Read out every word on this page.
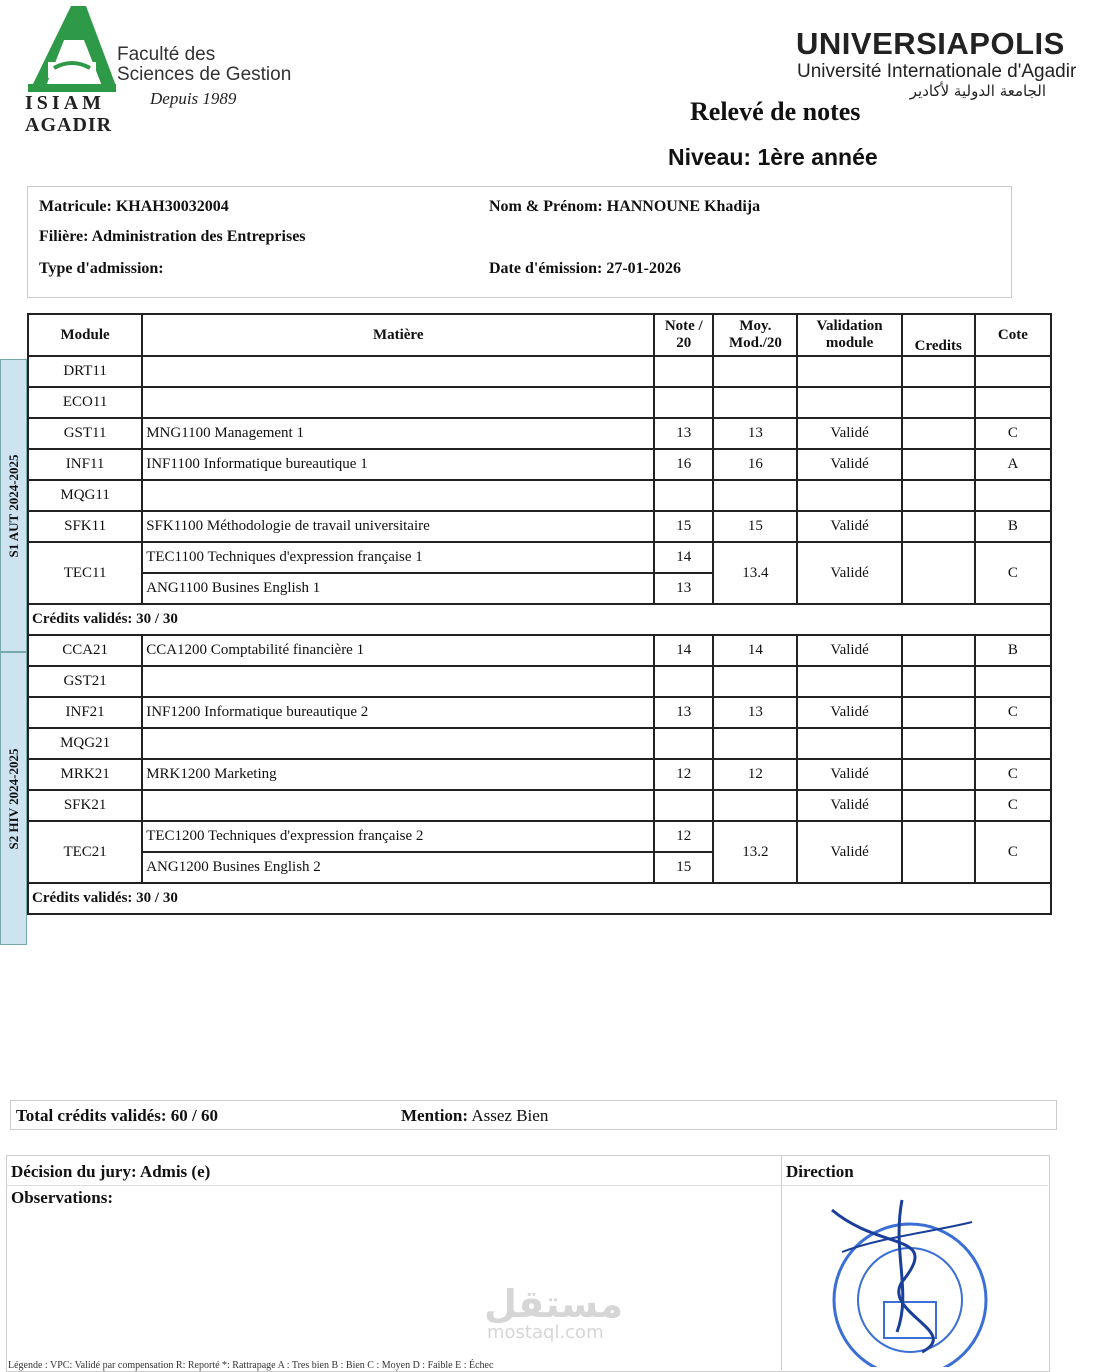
Faculté des
Sciences de Gestion
Depuis 1989
ISIAM
AGADIR
UNIVERSIAPOLIS
Université Internationale d'Agadir
الجامعة الدولية لأكادير
Relevé de notes
Niveau: 1ère année
Matricule: KHAH30032004	Nom & Prénom: HANNOUNE Khadija
Filière: Administration des Entreprises
Type d'admission:	Date d'émission: 27-01-2026
S1 AUT 2024-2025
S2 HIV 2024-2025
Module	Matière	Note / 20	Moy. Mod./20	Validation module	Credits	Cote
DRT11						
ECO11						
GST11	MNG1100 Management 1	13	13	Validé		C
INF11	INF1100 Informatique bureautique 1	16	16	Validé		A
MQG11						
SFK11	SFK1100 Méthodologie de travail universitaire	15	15	Validé		B
TEC11	TEC1100 Techniques d'expression française 1	14	13.4	Validé		C
	ANG1100 Busines English 1	13				
Crédits validés: 30 / 30						
CCA21	CCA1200 Comptabilité financière 1	14	14	Validé		B
GST21						
INF21	INF1200 Informatique bureautique 2	13	13	Validé		C
MQG21						
MRK21	MRK1200 Marketing	12	12	Validé		C
SFK21				Validé		C
TEC21	TEC1200 Techniques d'expression française 2	12	13.2	Validé		C
	ANG1200 Busines English 2	15				
Crédits validés: 30 / 30						
Total crédits validés: 60 / 60	Mention: Assez Bien
Décision du jury: Admis (e)	Direction
Observations:
مستقل
mostaql.com
Légende : VPC: Validé par compensation R: Reporté *: Rattrapage A : Tres bien B : Bien C : Moyen D : Faible E : Échec
